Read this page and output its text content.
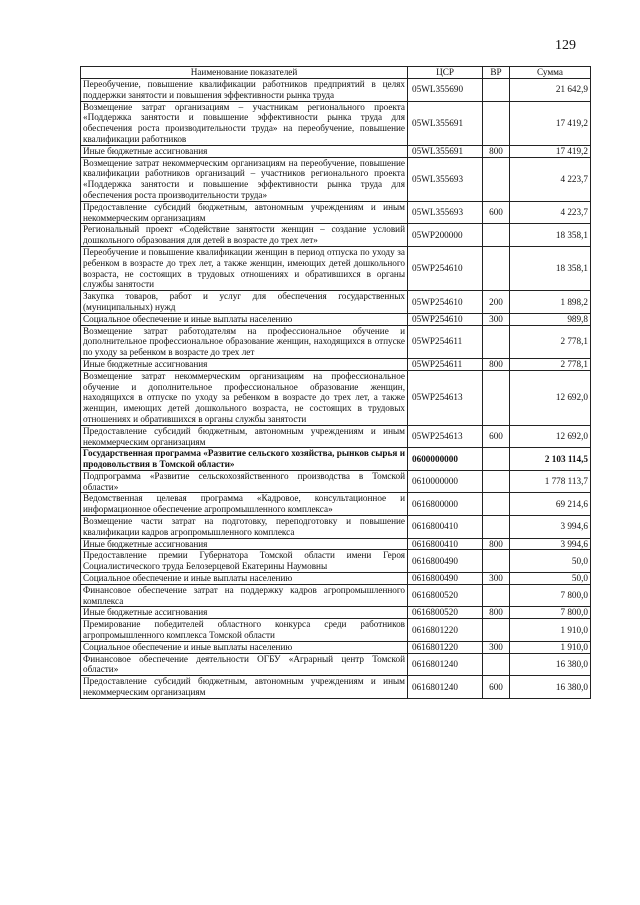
129
Наименование показателей	ЦСР	ВР	Сумма
Переобучение, повышение квалификации работников предприятий в целях поддержки занятости и повышения эффективности рынка труда	05WL355690		21 642,9
Возмещение затрат организациям – участникам регионального проекта «Поддержка занятости и повышение эффективности рынка труда для обеспечения роста производительности труда» на переобучение, повышение квалификации работников	05WL355691		17 419,2
Иные бюджетные ассигнования	05WL355691	800	17 419,2
Возмещение затрат некоммерческим организациям на переобучение, повышение квалификации работников организаций – участников регионального проекта «Поддержка занятости и повышение эффективности рынка труда для обеспечения роста производительности труда»	05WL355693		4 223,7
Предоставление субсидий бюджетным, автономным учреждениям и иным некоммерческим организациям	05WL355693	600	4 223,7
Региональный проект «Содействие занятости женщин – создание условий дошкольного образования для детей в возрасте до трех лет»	05WP200000		18 358,1
Переобучение и повышение квалификации женщин в период отпуска по уходу за ребенком в возрасте до трех лет, а также женщин, имеющих детей дошкольного возраста, не состоящих в трудовых отношениях и обратившихся в органы службы занятости	05WP254610		18 358,1
Закупка товаров, работ и услуг для обеспечения государственных (муниципальных) нужд	05WP254610	200	1 898,2
Социальное обеспечение и иные выплаты населению	05WP254610	300	989,8
Возмещение затрат работодателям на профессиональное обучение и дополнительное профессиональное образование женщин, находящихся в отпуске по уходу за ребенком в возрасте до трех лет	05WP254611		2 778,1
Иные бюджетные ассигнования	05WP254611	800	2 778,1
Возмещение затрат некоммерческим организациям на профессиональное обучение и дополнительное профессиональное образование женщин, находящихся в отпуске по уходу за ребенком в возрасте до трех лет, а также женщин, имеющих детей дошкольного возраста, не состоящих в трудовых отношениях и обратившихся в органы службы занятости	05WP254613		12 692,0
Предоставление субсидий бюджетным, автономным учреждениям и иным некоммерческим организациям	05WP254613	600	12 692,0
Государственная программа «Развитие сельского хозяйства, рынков сырья и продовольствия в Томской области»	0600000000		2 103 114,5
Подпрограмма «Развитие сельскохозяйственного производства в Томской области»	0610000000		1 778 113,7
Ведомственная целевая программа «Кадровое, консультационное и информационное обеспечение агропромышленного комплекса»	0616800000		69 214,6
Возмещение части затрат на подготовку, переподготовку и повышение квалификации кадров агропромышленного комплекса	0616800410		3 994,6
Иные бюджетные ассигнования	0616800410	800	3 994,6
Предоставление премии Губернатора Томской области имени Героя Социалистического труда Белозерцевой Екатерины Наумовны	0616800490		50,0
Социальное обеспечение и иные выплаты населению	0616800490	300	50,0
Финансовое обеспечение затрат на поддержку кадров агропромышленного комплекса	0616800520		7 800,0
Иные бюджетные ассигнования	0616800520	800	7 800,0
Премирование победителей областного конкурса среди работников агропромышленного комплекса Томской области	0616801220		1 910,0
Социальное обеспечение и иные выплаты населению	0616801220	300	1 910,0
Финансовое обеспечение деятельности ОГБУ «Аграрный центр Томской области»	0616801240		16 380,0
Предоставление субсидий бюджетным, автономным учреждениям и иным некоммерческим организациям	0616801240	600	16 380,0
